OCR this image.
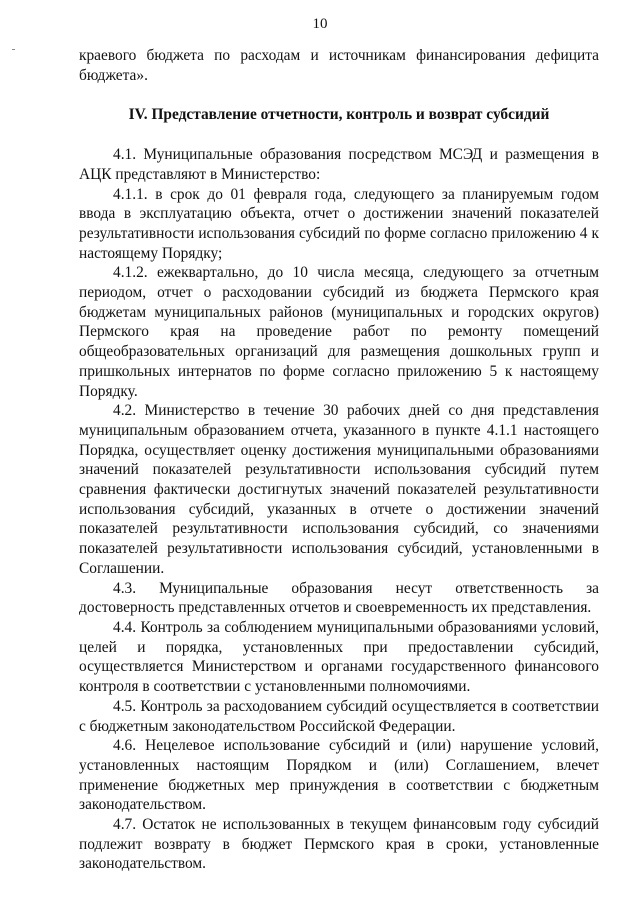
10

краевого бюджета по расходам и источникам финансирования дефицита бюджета».

IV. Представление отчетности, контроль и возврат субсидий

4.1. Муниципальные образования посредством МСЭД и размещения в АЦК представляют в Министерство:

4.1.1. в срок до 01 февраля года, следующего за планируемым годом ввода в эксплуатацию объекта, отчет о достижении значений показателей результативности использования субсидий по форме согласно приложению 4 к настоящему Порядку;

4.1.2. ежеквартально, до 10 числа месяца, следующего за отчетным периодом, отчет о расходовании субсидий из бюджета Пермского края бюджетам муниципальных районов (муниципальных и городских округов) Пермского края на проведение работ по ремонту помещений общеобразовательных организаций для размещения дошкольных групп и пришкольных интернатов по форме согласно приложению 5 к настоящему Порядку.

4.2. Министерство в течение 30 рабочих дней со дня представления муниципальным образованием отчета, указанного в пункте 4.1.1 настоящего Порядка, осуществляет оценку достижения муниципальными образованиями значений показателей результативности использования субсидий путем сравнения фактически достигнутых значений показателей результативности использования субсидий, указанных в отчете о достижении значений показателей результативности использования субсидий, со значениями показателей результативности использования субсидий, установленными в Соглашении.

4.3. Муниципальные образования несут ответственность за достоверность представленных отчетов и своевременность их представления.

4.4. Контроль за соблюдением муниципальными образованиями условий, целей и порядка, установленных при предоставлении субсидий, осуществляется Министерством и органами государственного финансового контроля в соответствии с установленными полномочиями.

4.5. Контроль за расходованием субсидий осуществляется в соответствии с бюджетным законодательством Российской Федерации.

4.6. Нецелевое использование субсидий и (или) нарушение условий, установленных настоящим Порядком и (или) Соглашением, влечет применение бюджетных мер принуждения в соответствии с бюджетным законодательством.

4.7. Остаток не использованных в текущем финансовым году субсидий подлежит возврату в бюджет Пермского края в сроки, установленные законодательством.
